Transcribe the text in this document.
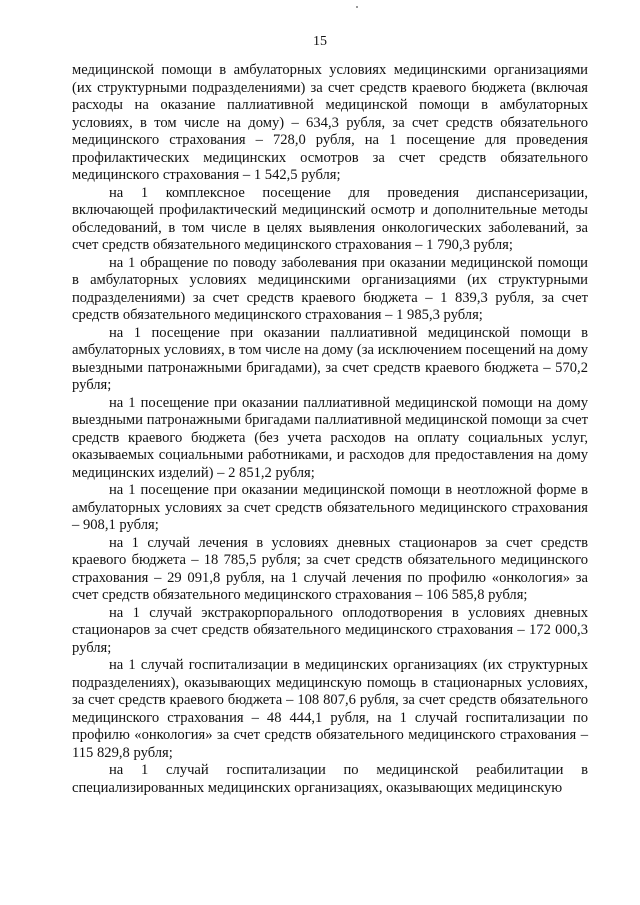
15

медицинской помощи в амбулаторных условиях медицинскими организациями (их структурными подразделениями) за счет средств краевого бюджета (включая расходы на оказание паллиативной медицинской помощи в амбулаторных условиях, в том числе на дому) – 634,3 рубля, за счет средств обязательного медицинского страхования – 728,0 рубля, на 1 посещение для проведения профилактических медицинских осмотров за счет средств обязательного медицинского страхования – 1 542,5 рубля;

на 1 комплексное посещение для проведения диспансеризации, включающей профилактический медицинский осмотр и дополнительные методы обследований, в том числе в целях выявления онкологических заболеваний, за счет средств обязательного медицинского страхования – 1 790,3 рубля;

на 1 обращение по поводу заболевания при оказании медицинской помощи в амбулаторных условиях медицинскими организациями (их структурными подразделениями) за счет средств краевого бюджета – 1 839,3 рубля, за счет средств обязательного медицинского страхования – 1 985,3 рубля;

на 1 посещение при оказании паллиативной медицинской помощи в амбулаторных условиях, в том числе на дому (за исключением посещений на дому выездными патронажными бригадами), за счет средств краевого бюджета – 570,2 рубля;

на 1 посещение при оказании паллиативной медицинской помощи на дому выездными патронажными бригадами паллиативной медицинской помощи за счет средств краевого бюджета (без учета расходов на оплату социальных услуг, оказываемых социальными работниками, и расходов для предоставления на дому медицинских изделий) – 2 851,2 рубля;

на 1 посещение при оказании медицинской помощи в неотложной форме в амбулаторных условиях за счет средств обязательного медицинского страхования – 908,1 рубля;

на 1 случай лечения в условиях дневных стационаров за счет средств краевого бюджета – 18 785,5 рубля; за счет средств обязательного медицинского страхования – 29 091,8 рубля, на 1 случай лечения по профилю «онкология» за счет средств обязательного медицинского страхования – 106 585,8 рубля;

на 1 случай экстракорпорального оплодотворения в условиях дневных стационаров за счет средств обязательного медицинского страхования – 172 000,3 рубля;

на 1 случай госпитализации в медицинских организациях (их структурных подразделениях), оказывающих медицинскую помощь в стационарных условиях, за счет средств краевого бюджета – 108 807,6 рубля, за счет средств обязательного медицинского страхования – 48 444,1 рубля, на 1 случай госпитализации по профилю «онкология» за счет средств обязательного медицинского страхования – 115 829,8 рубля;

на 1 случай госпитализации по медицинской реабилитации в специализированных медицинских организациях, оказывающих медицинскую
